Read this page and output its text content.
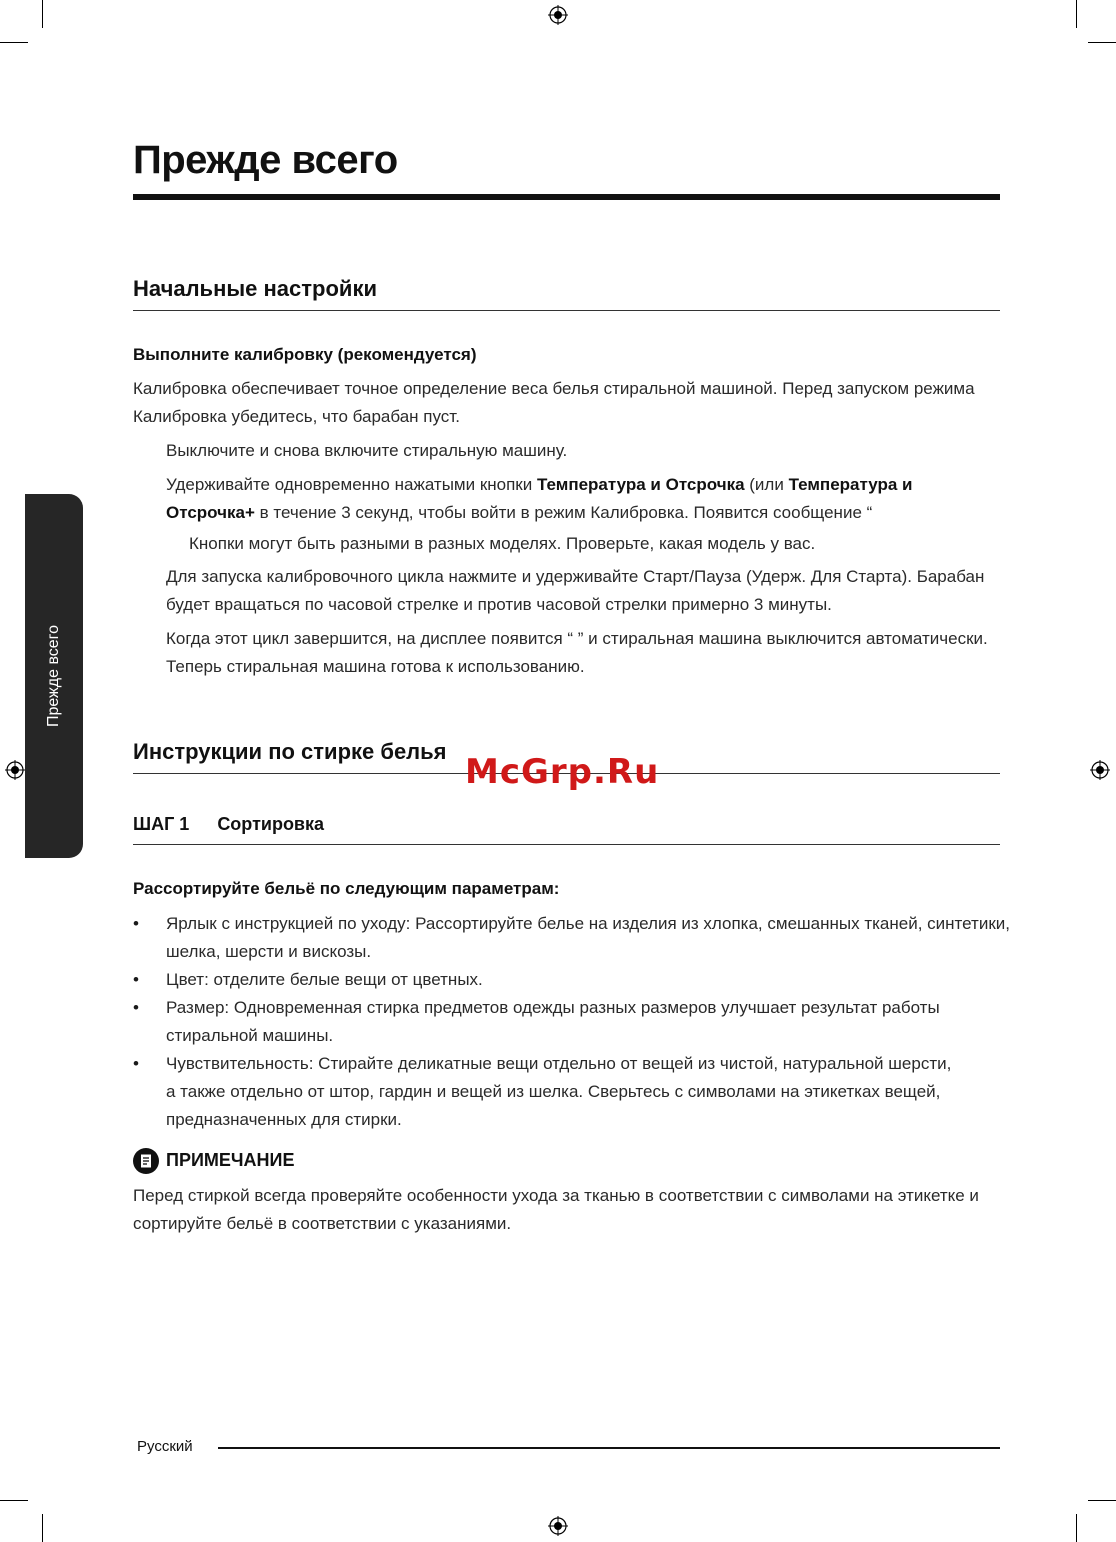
Прежде всего
Прежде всего
Начальные настройки
Выполните калибровку (рекомендуется)
Калибровка обеспечивает точное определение веса белья стиральной машиной. Перед запуском режима
Калибровка убедитесь, что барабан пуст.
Выключите и снова включите стиральную машину.
Удерживайте одновременно нажатыми кнопки Температура и Отсрочка (или Температура и
Отсрочка+ в течение 3 секунд, чтобы войти в режим Калибровка. Появится сообщение “
Кнопки могут быть разными в разных моделях. Проверьте, какая модель у вас.
Для запуска калибровочного цикла нажмите и удерживайте Старт/Пауза (Удерж. Для Старта). Барабан
будет вращаться по часовой стрелке и против часовой стрелки примерно 3 минуты.
Когда этот цикл завершится, на дисплее появится “ ” и стиральная машина выключится автоматически.
Теперь стиральная машина готова к использованию.
Инструкции по стирке белья
McGrp.Ru
ШАГ 1 Сортировка
Рассортируйте бельё по следующим параметрам:
• Ярлык с инструкцией по уходу: Рассортируйте белье на изделия из хлопка, смешанных тканей, синтетики,
шелка, шерсти и вискозы.
• Цвет: отделите белые вещи от цветных.
• Размер: Одновременная стирка предметов одежды разных размеров улучшает результат работы
стиральной машины.
• Чувствительность: Стирайте деликатные вещи отдельно от вещей из чистой, натуральной шерсти,
а также отдельно от штор, гардин и вещей из шелка. Сверьтесь с символами на этикетках вещей,
предназначенных для стирки.
ПРИМЕЧАНИЕ
Перед стиркой всегда проверяйте особенности ухода за тканью в соответствии с символами на этикетке и
сортируйте бельё в соответствии с указаниями.
Русский
